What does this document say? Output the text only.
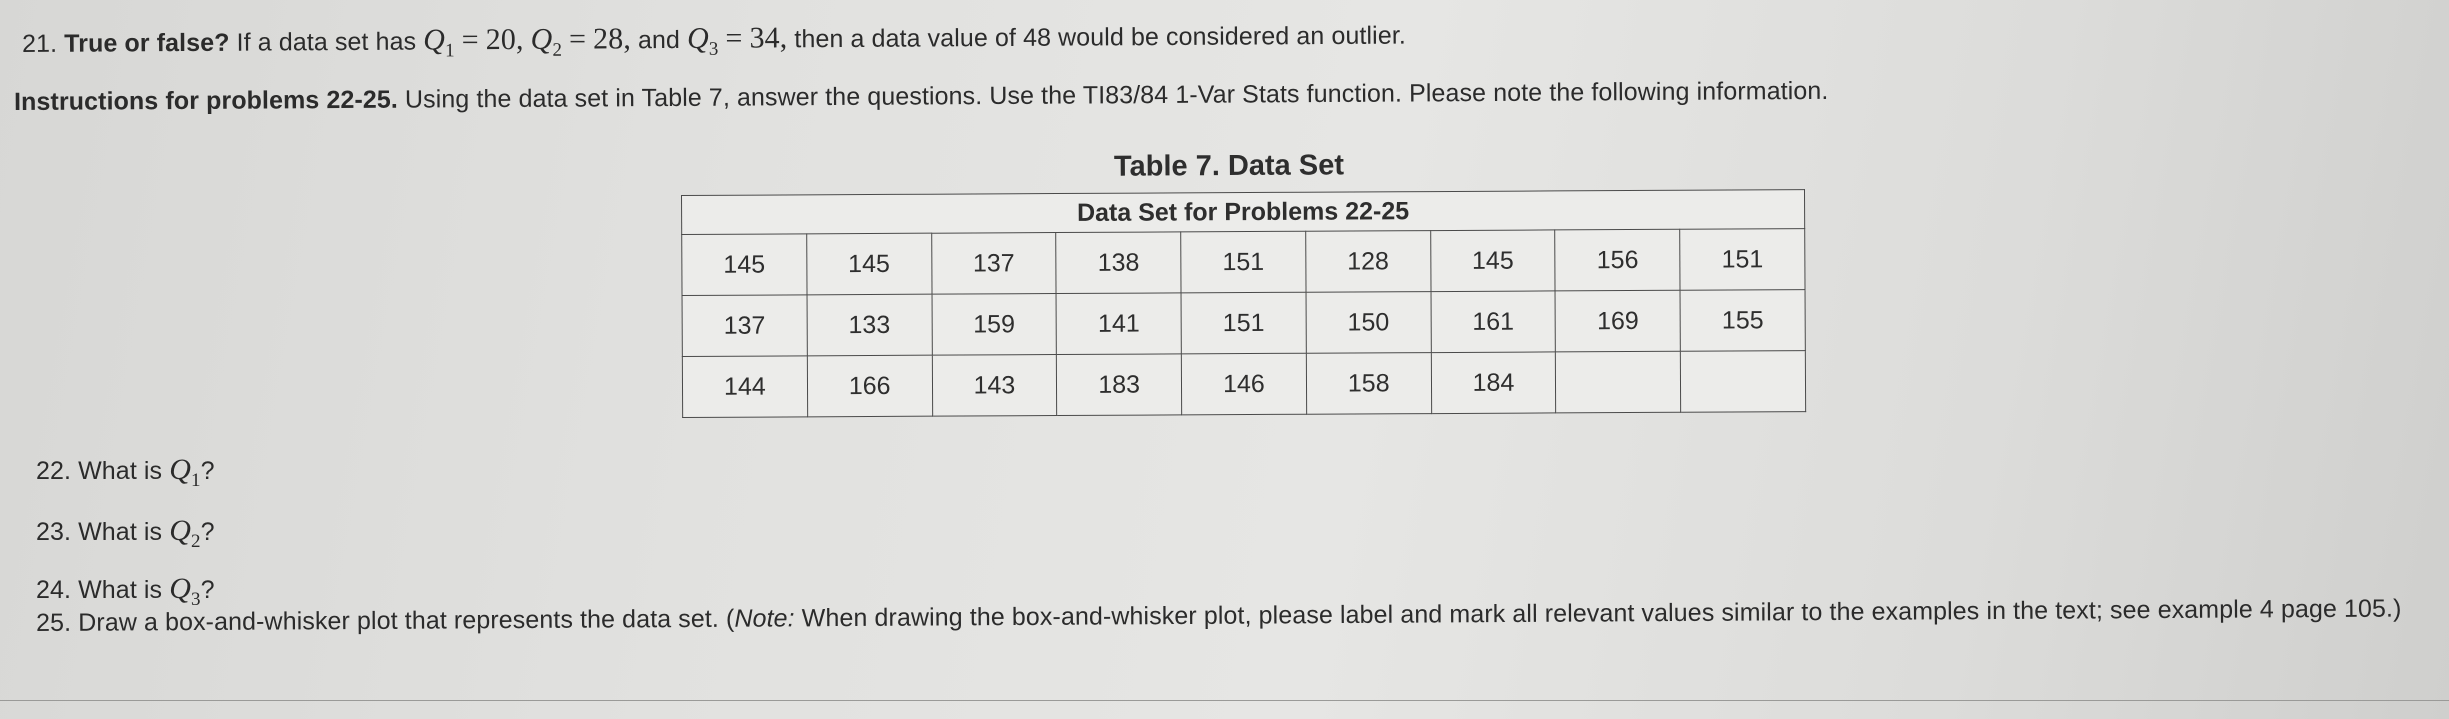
21. True or false? If a data set has $Q_1 = 20$, $Q_2 = 28$, and $Q_3 = 34$, then a data value of 48 would be considered an outlier.
Instructions for problems 22-25. Using the data set in Table 7, answer the questions. Use the TI83/84 1-Var Stats function. Please note the following information.
Table 7. Data Set
Data Set for Problems 22-25								
145	145	137	138	151	128	145	156	151
137	133	159	141	151	150	161	169	155
144	166	143	183	146	158	184		
22. What is $Q_1$?
23. What is $Q_2$?
24. What is $Q_3$?
25. Draw a box-and-whisker plot that represents the data set. (Note: When drawing the box-and-whisker plot, please label and mark all relevant values similar to the examples in the text; see example 4 page 105.)
